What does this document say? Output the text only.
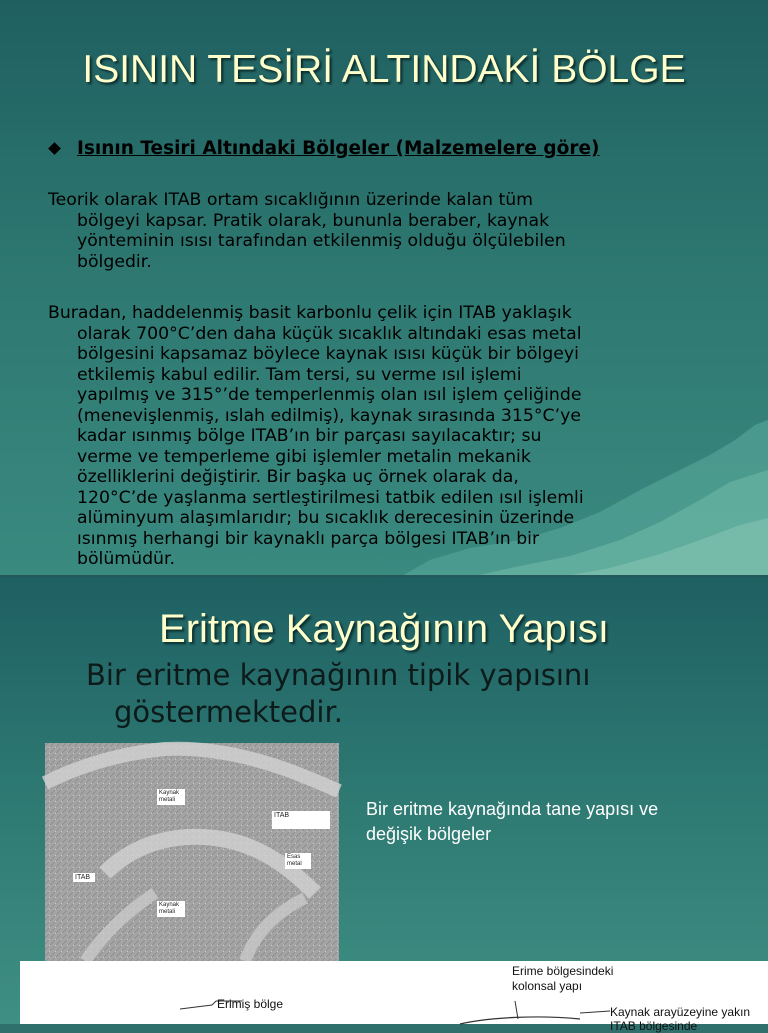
ISININ TESİRİ ALTINDAKİ BÖLGE
Isının Tesiri Altındaki Bölgeler (Malzemelere göre)
Teorik olarak ITAB ortam sıcaklığının üzerinde kalan tüm
bölgeyi kapsar. Pratik olarak, bununla beraber, kaynak
yönteminin ısısı tarafından etkilenmiş olduğu ölçülebilen
bölgedir.
Buradan, haddelenmiş basit karbonlu çelik için ITAB yaklaşık
olarak 700°C’den daha küçük sıcaklık altındaki esas metal
bölgesini kapsamaz böylece kaynak ısısı küçük bir bölgeyi
etkilemiş kabul edilir. Tam tersi, su verme ısıl işlemi
yapılmış ve 315°’de temperlenmiş olan ısıl işlem çeliğinde
(menevişlenmiş, ıslah edilmiş), kaynak sırasında 315°C’ye
kadar ısınmış bölge ITAB’ın bir parçası sayılacaktır; su
verme ve temperleme gibi işlemler metalin mekanik
özelliklerini değiştirir. Bir başka uç örnek olarak da,
120°C’de yaşlanma sertleştirilmesi tatbik edilen ısıl işlemli
alüminyum alaşımlarıdır; bu sıcaklık derecesinin üzerinde
ısınmış herhangi bir kaynaklı parça bölgesi ITAB’ın bir
bölümüdür.
Eritme Kaynağının Yapısı
Bir eritme kaynağının tipik yapısını
göstermektedir.
Kaynak metali
ITAB
Esas metal
ITAB
Kaynak metali
Bir eritme kaynağında tane yapısı ve
değişik bölgeler
Erimiş bölge
Erime bölgesindeki
kolonsal yapı
Kaynak arayüzeyine yakın
ITAB bölgesinde
